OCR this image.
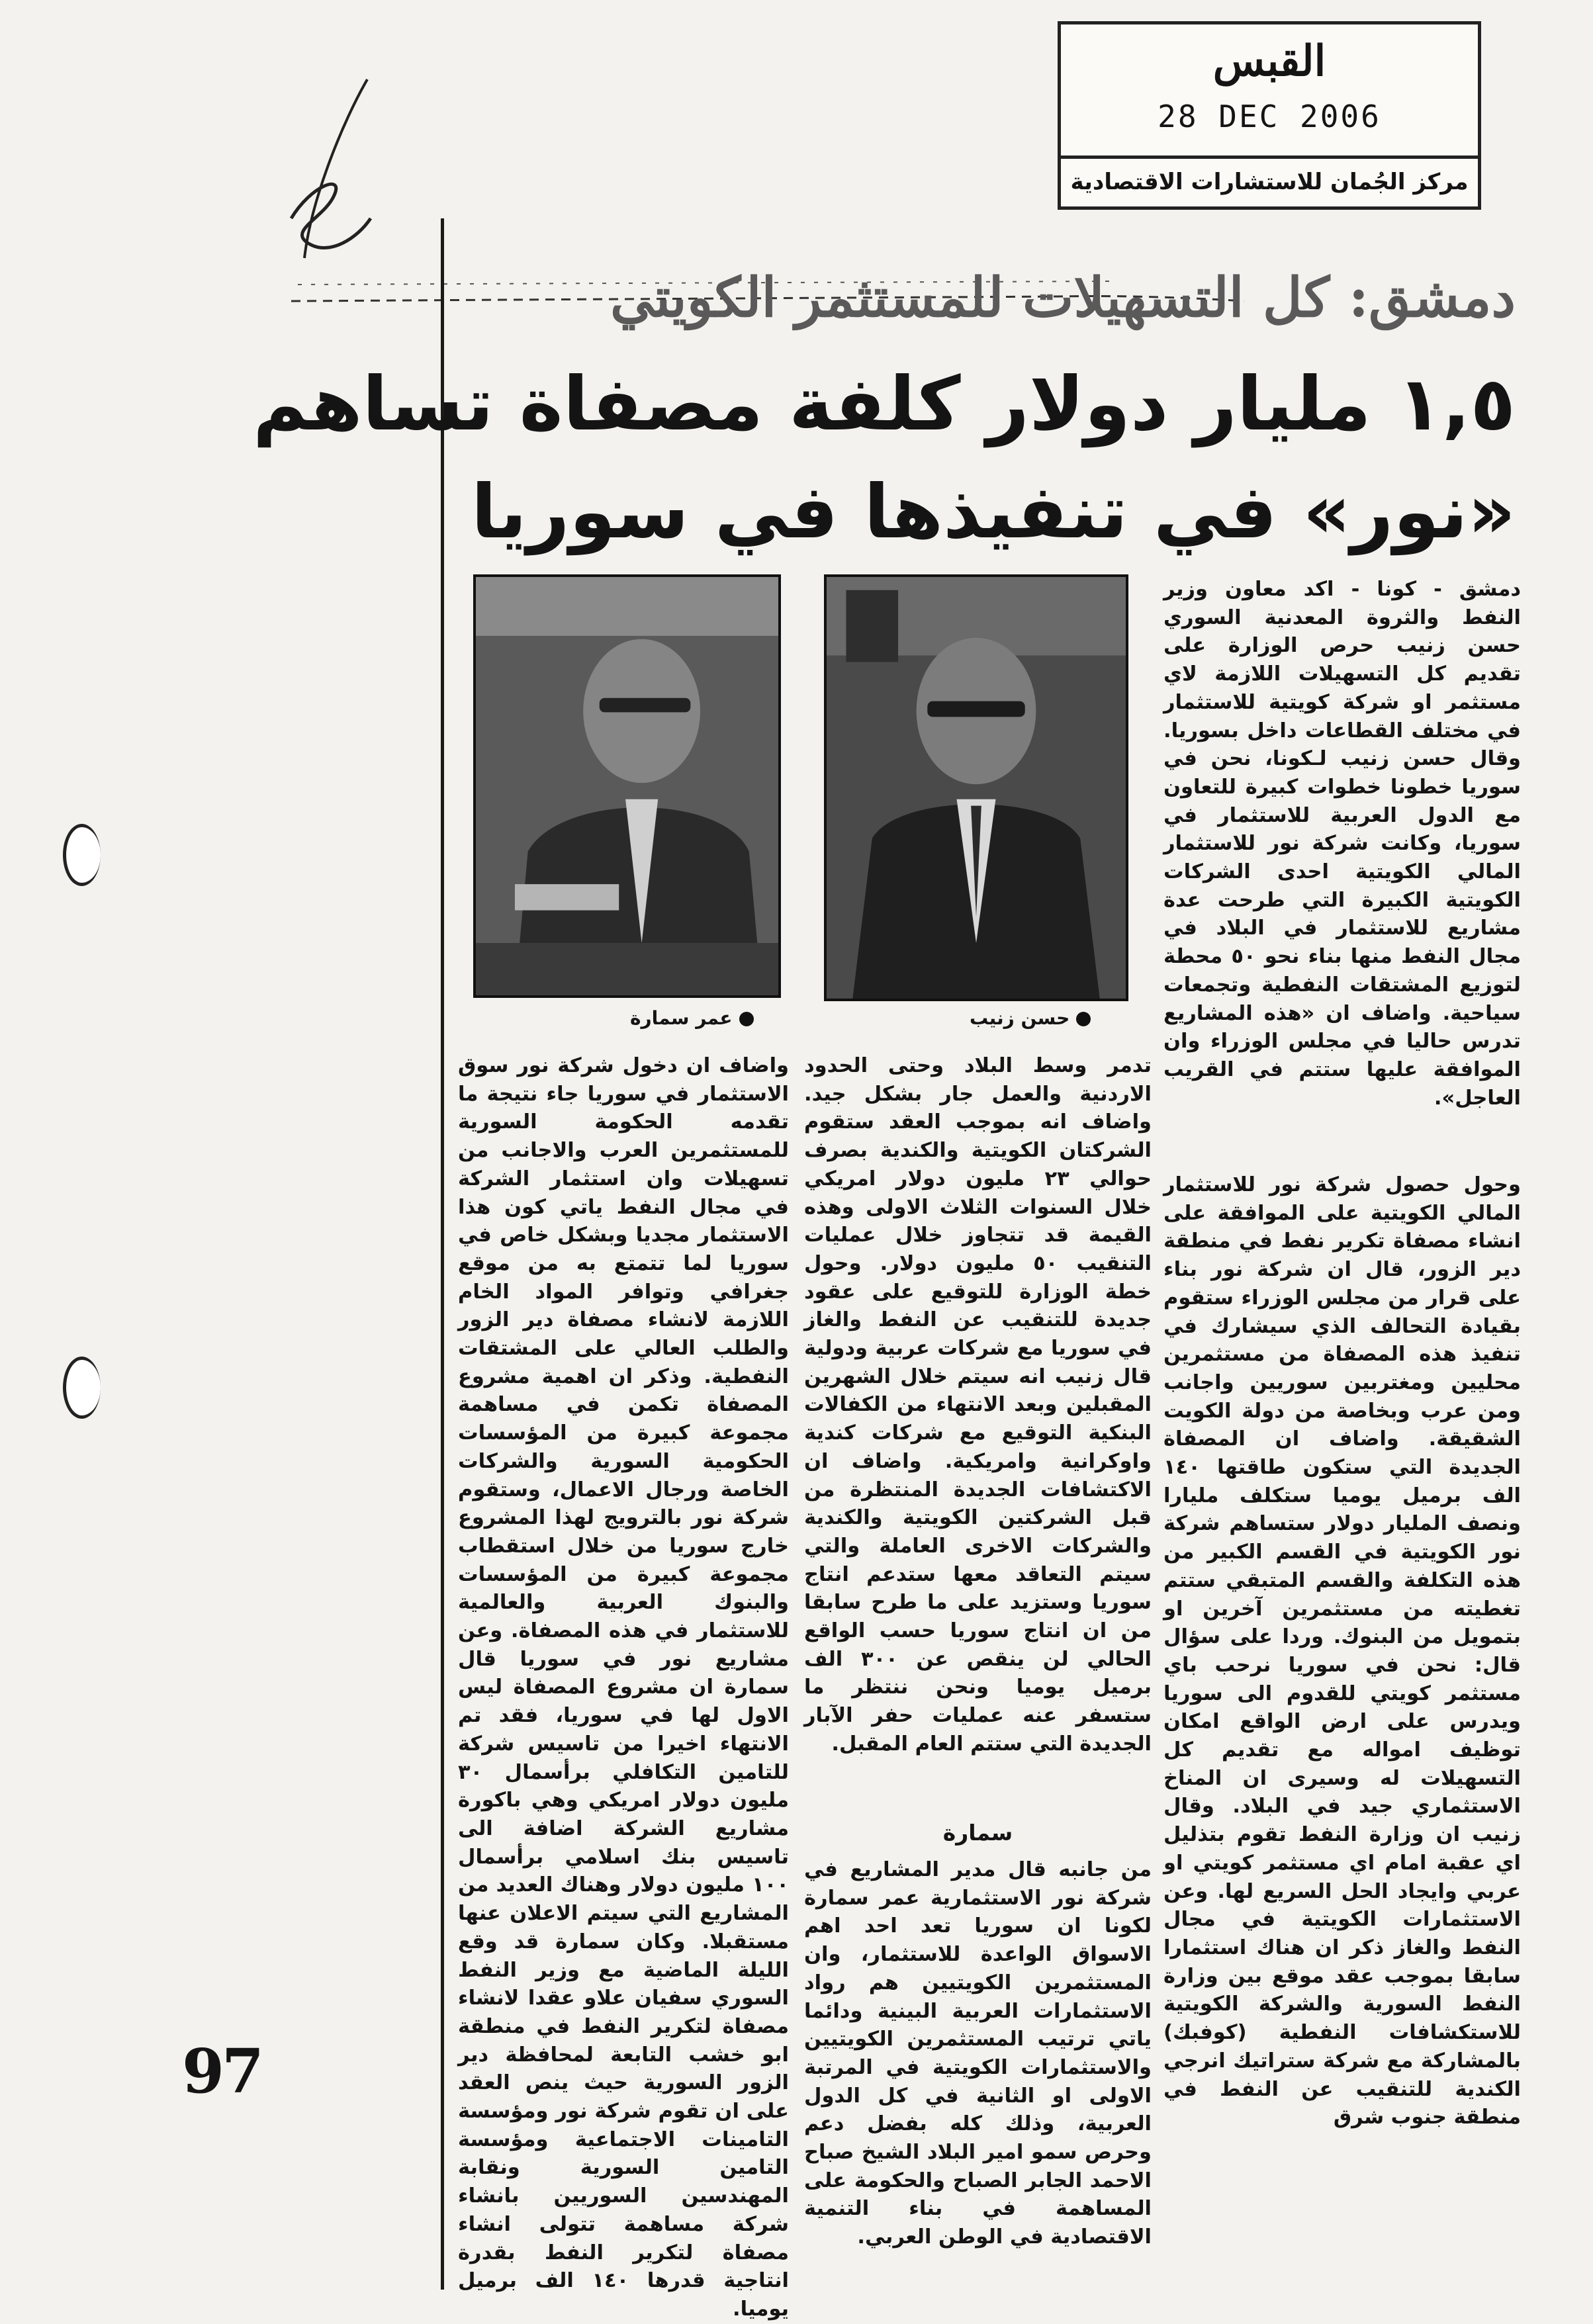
القبس
28 DEC 2006
مركز الجُمان للاستشارات الاقتصادية
دمشق: كل التسهيلات للمستثمر الكويتي
١,٥ مليار دولار كلفة مصفاة تساهم
«نور» في تنفيذها في سوريا
حسن زنيب
عمر سمارة
دمشق - كونا - اكد معاون وزير النفط والثروة المعدنية السوري حسن زنيب حرص الوزارة على تقديم كل التسهيلات اللازمة لاي مستثمر او شركة كويتية للاستثمار في مختلف القطاعات داخل بسوريا. وقال حسن زنيب لـكونا، نحن في سوريا خطونا خطوات كبيرة للتعاون مع الدول العربية للاستثمار في سوريا، وكانت شركة نور للاستثمار المالي الكويتية احدى الشركات الكويتية الكبيرة التي طرحت عدة مشاريع للاستثمار في البلاد في مجال النفط منها بناء نحو ٥٠ محطة لتوزيع المشتقات النفطية وتجمعات سياحية. واضاف ان «هذه المشاريع تدرس حاليا في مجلس الوزراء وان الموافقة عليها ستتم في القريب العاجل».
وحول حصول شركة نور للاستثمار المالي الكويتية على الموافقة على انشاء مصفاة تكرير نفط في منطقة دير الزور، قال ان شركة نور بناء على قرار من مجلس الوزراء ستقوم بقيادة التحالف الذي سيشارك في تنفيذ هذه المصفاة من مستثمرين محليين ومغتربين سوريين واجانب ومن عرب وبخاصة من دولة الكويت الشقيقة. واضاف ان المصفاة الجديدة التي ستكون طاقتها ١٤٠ الف برميل يوميا ستكلف مليارا ونصف المليار دولار ستساهم شركة نور الكويتية في القسم الكبير من هذه التكلفة والقسم المتبقي ستتم تغطيته من مستثمرين آخرين او بتمويل من البنوك. وردا على سؤال قال: نحن في سوريا نرحب باي مستثمر كويتي للقدوم الى سوريا ويدرس على ارض الواقع امكان توظيف امواله مع تقديم كل التسهيلات له وسيرى ان المناخ الاستثماري جيد في البلاد. وقال زنيب ان وزارة النفط تقوم بتذليل اي عقبة امام اي مستثمر كويتي او عربي وايجاد الحل السريع لها. وعن الاستثمارات الكويتية في مجال النفط والغاز ذكر ان هناك استثمارا سابقا بموجب عقد موقع بين وزارة النفط السورية والشركة الكويتية للاستكشافات النفطية (كوفبك) بالمشاركة مع شركة ستراتيك انرجي الكندية للتنقيب عن النفط في منطقة جنوب شرق
تدمر وسط البلاد وحتى الحدود الاردنية والعمل جار بشكل جيد. واضاف انه بموجب العقد ستقوم الشركتان الكويتية والكندية بصرف حوالي ٢٣ مليون دولار امريكي خلال السنوات الثلاث الاولى وهذه القيمة قد تتجاوز خلال عمليات التنقيب ٥٠ مليون دولار. وحول خطة الوزارة للتوقيع على عقود جديدة للتنقيب عن النفط والغاز في سوريا مع شركات عربية ودولية قال زنيب انه سيتم خلال الشهرين المقبلين وبعد الانتهاء من الكفالات البنكية التوقيع مع شركات كندية واوكرانية وامريكية. واضاف ان الاكتشافات الجديدة المنتظرة من قبل الشركتين الكويتية والكندية والشركات الاخرى العاملة والتي سيتم التعاقد معها ستدعم انتاج سوريا وستزيد على ما طرح سابقا من ان انتاج سوريا حسب الواقع الحالي لن ينقص عن ٣٠٠ الف برميل يوميا ونحن ننتظر ما ستسفر عنه عمليات حفر الآبار الجديدة التي ستتم العام المقبل.
سمارة
من جانبه قال مدير المشاريع في شركة نور الاستثمارية عمر سمارة لكونا ان سوريا تعد احد اهم الاسواق الواعدة للاستثمار، وان المستثمرين الكويتيين هم رواد الاستثمارات العربية البينية ودائما ياتي ترتيب المستثمرين الكويتيين والاستثمارات الكويتية في المرتبة الاولى او الثانية في كل الدول العربية، وذلك كله بفضل دعم وحرص سمو امير البلاد الشيخ صباح الاحمد الجابر الصباح والحكومة على المساهمة في بناء التنمية الاقتصادية في الوطن العربي.
واضاف ان دخول شركة نور سوق الاستثمار في سوريا جاء نتيجة ما تقدمه الحكومة السورية للمستثمرين العرب والاجانب من تسهيلات وان استثمار الشركة في مجال النفط ياتي كون هذا الاستثمار مجديا وبشكل خاص في سوريا لما تتمتع به من موقع جغرافي وتوافر المواد الخام اللازمة لانشاء مصفاة دير الزور والطلب العالي على المشتقات النفطية. وذكر ان اهمية مشروع المصفاة تكمن في مساهمة مجموعة كبيرة من المؤسسات الحكومية السورية والشركات الخاصة ورجال الاعمال، وستقوم شركة نور بالترويج لهذا المشروع خارج سوريا من خلال استقطاب مجموعة كبيرة من المؤسسات والبنوك العربية والعالمية للاستثمار في هذه المصفاة. وعن مشاريع نور في سوريا قال سمارة ان مشروع المصفاة ليس الاول لها في سوريا، فقد تم الانتهاء اخيرا من تاسيس شركة للتامين التكافلي برأسمال ٣٠ مليون دولار امريكي وهي باكورة مشاريع الشركة اضافة الى تاسيس بنك اسلامي برأسمال ١٠٠ مليون دولار وهناك العديد من المشاريع التي سيتم الاعلان عنها مستقبلا. وكان سمارة قد وقع الليلة الماضية مع وزير النفط السوري سفيان علاو عقدا لانشاء مصفاة لتكرير النفط في منطقة ابو خشب التابعة لمحافظة دير الزور السورية حيث ينص العقد على ان تقوم شركة نور ومؤسسة التامينات الاجتماعية ومؤسسة التامين السورية ونقابة المهندسين السوريين بانشاء شركة مساهمة تتولى انشاء مصفاة لتكرير النفط بقدرة انتاجية قدرها ١٤٠ الف برميل يوميا.
97
